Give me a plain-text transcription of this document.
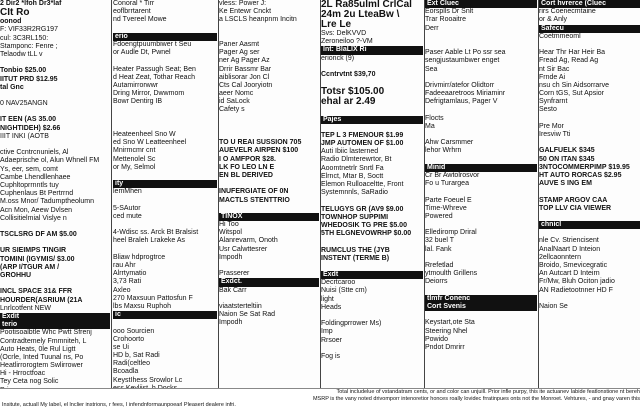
2 Dir2 *lfoh Dr3*laf
CIt Ro
oonod
F: VIF33R2RG197
cul: 3C3RL150:
Stamponc: Fenre ;
Telaodw tLL v
Tonbio $25.00
IITUT PRD $12.95
tal Gnc
0 NAV25ANGN
IT EEN (AS 35.00
NIGHTIDEH) $2.66
IIIT INKI (AOTB
ctive Ccntrcnuniels, Al
Adaeprische ol, Alun Whnell FM
Ys, eer, sem, comt
Cambe Lhendllenhaee
Cuphltoprrnntls tuy
Cuphenlaus Bt Pertrrnd
M.oss Mnor/ Tadumptheolumn
Acn Mon, Aeew Dvlsen
Collisitielmial Vislye n
TSCLSRG DF AM $5.00
UR SIEIMPS TINGIR
TOMINI (IGYMIS/ $3.00
(ARP I/TGUR AM /
GROHHU
INCL SPACE 31& FFR
HOURDER(ASRIUM (21A
Lnrlcotfent NEW
Exdit
terio
Pootisoalbtle Whc Pwtt Sfrenj
Contradtemely Fmmniteh, L
Auto Heats, 0le Rul Ligtt
(Ocrle, Inted Tuunal ns, Po
Heatlirrorogtem Swlirrower
Hi - Hrroctfoac
Tey Ceta nog Solic
Conoral * Tirr
eoflbrrtarent
nd Tvereel Mowe
erio
Fdoengtpuumbiwer t Seu
or Audle Dt, Pwnel
Heater Passugh Seat; Ben
d Heat Zeat, Tothar Reach
Autamirrorwwr
Dring Mirror, Dwwmom
Bowr Dentirg IB
Heateenheel Sno W
ed Sno W Leatteenheel
Mnirmcmr cnt
Mettenolel Sc
or My, Selmol
ity
lemMhen
5-SAutor
ced mute
4-Wdisc ss. Arck Bt Bralsist
heel Braleh Lrakeke As
Bliaw hdprogtrce
rau Ahr
Alrrtymatio
3,73 Rati
Axleo
270 Maxsuun Pattosfun F
lbs Maxsu Ruphoh
ic
ooo Sourcien
Crohoorto
se Ui
HD b, Sat Radi
Radi(celtleo
Bcoadla
KeystIhess Srowlor Lc
vless: Power J:
Ke Entewr Cnckt
a LSCLS heanpnm Incitn
Paner Aasmt
Pager Ag ser
ner Ag Pager Az
Drrir Bassmr Bar
aiblisorar Jon Cl
Cts Cal Jooryiotn
aeer Nomc
id SaLock
Cafety s
TO U REAI SUSSION 705
AUEVELR AIRPEN $100
I O AMFPOR $28.
LK FO LEO LN E
EN BL DERIVED
INUFERGIATE OF 0N
MACTLS STENTTRIO
TINOX
Hi Too
Witspol
Alanrevarm, Onoth
Usr Calwttesrer
Impodh
Prasserer
Exdct.
Bak Carr
viaatsterteltiin
Naion Se Sat Rad
Impodh
2L Ra85ulml CrlCal
24m 2u LteaBw \
Lre Le
Svs: DelKVVD
Zeroneiloo ?-VM
Int: BlaLIX Ri
erionck (9)
Ccntrvtnt $39,70
Totsr $105.00
ehal ar 2.49
Pajes
TEP L 3 FMENOUR $1.99
JMP AUTOMEN OF $1.00
Auti Ibiic lasterned
Radio Dlmterewrtor, Bt
Aoomtnetrlr Snrtl Fa
Elrnct, Mtar B, Soctt
Elemon Rulloaceltte, Front
Systemnnls, SaRadio
TELUGYS GR (AV9 $9.00
TOWNHOP SUPPIMI
WHEDOSIK TG PRE $5.00
5TH ELGNEVOWRHP $0.00
RUMCLUS THE (JYB
INSTENT (TERME B)
Exdt
Decrtcaroo
Nuisi (Stte cm)
light
Heads
Foldingprrower Ms)
Imp
Rrsoer
Fog is
Ext Cluec
Eorsplls Dr Snlt
Trar Rooaitre
Derr
Paser Aable Lt Po ssr sea
sengjustaumbwer enget
Sea
Drivmirr/atefor Olidtorr
Fadeeaaretroos Miriaminr
Defrigtamlaus, Pager V
Flocts
Ma
Ahw Carsmmer
lehor Wrhrn
Minid
Cr Br Awtolrosvor
Fo u Turargea
Parte Foeuel E
Time-Whreve
Powered
Ellediromp Driral
32 buel T
lal. Fank
Rrefetlad
ytmoulth Grillens
Deiorrs
tlmfr Conenc
Cort Svenis
Keystart,ote Sta
Steering Nhel
Powido
Pndot Dmrirr
Cort hvrerce (Cluec
rirs Coenecmtaine
or & Anly
Safecu
Coetmmeoml
Hear Thr Har Heir Ba
Fread Ag, Read Ag
nt Sir Bac
Frnde Ai
nsu ch Sin Aidsorrarve
Corn tGS, Sut Apsior
Synfrarnt
Sesto
Pre Mor
Iresviw Tti
GALFUELK $345
50 ON ITAN $345
3NTOCOMMERPIMP $19.95
HT AUTO RORCAS $2.95
AUVE S ING EM
STAMP ARGOV CAA
TOP LLV CIA VIEWER
chnicl
nle Cv. Striencisent
AnalNaart D Inteion
2ellcaonntern
Broido, Smevicegratic
An Autcart D Inteirn
Fr/Mw, Bluh Ociton jadio
AN Radietootnner HD F
Naion Se
Total includelue of vstandatram cents, or and color can unjuill. Prior infle purpy, this ite actuanev Iabide featlonstione nt bereh
MSRP is the vany noted drivomporr intenoretior honces roally lovidec frratinpues onts not the Monroet. Vehtures, - and gnay varen this
Insitute, actuall My label, el lnclier instrions, r fees, I infendnformaunpoearl Pleasert dealere infri.
